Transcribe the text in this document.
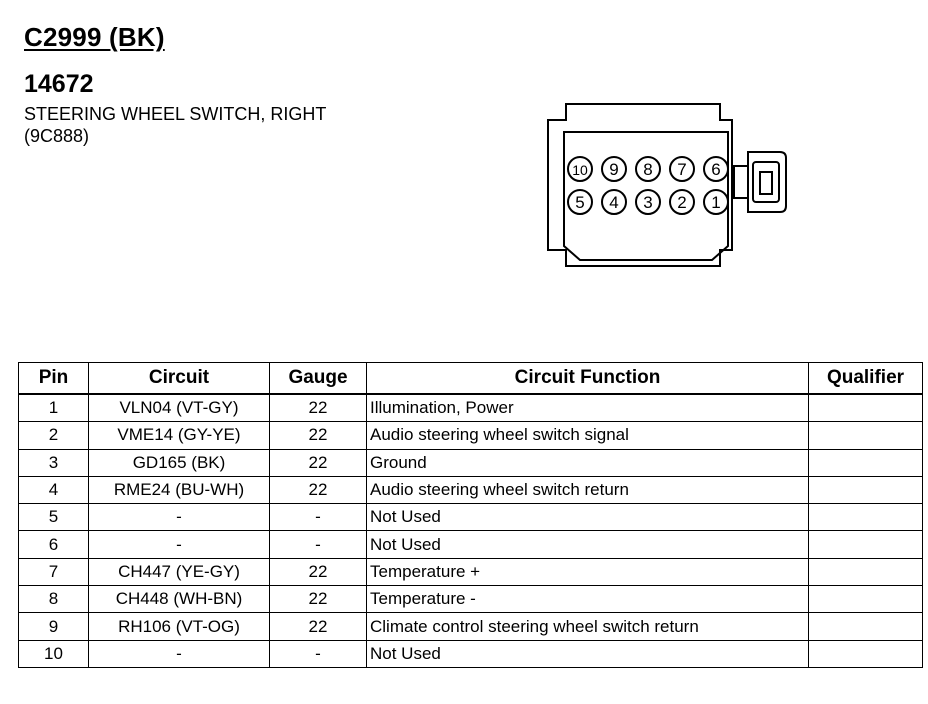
C2999 (BK)
14672
STEERING WHEEL SWITCH, RIGHT
(9C888)
10 9 8 7 6
5 4 3 2 1
Pin	Circuit	Gauge	Circuit Function	Qualifier
1	VLN04 (VT-GY)	22	Illumination, Power	
2	VME14 (GY-YE)	22	Audio steering wheel switch signal	
3	GD165 (BK)	22	Ground	
4	RME24 (BU-WH)	22	Audio steering wheel switch return	
5	-	-	Not Used	
6	-	-	Not Used	
7	CH447 (YE-GY)	22	Temperature +	
8	CH448 (WH-BN)	22	Temperature -	
9	RH106 (VT-OG)	22	Climate control steering wheel switch return	
10	-	-	Not Used	
